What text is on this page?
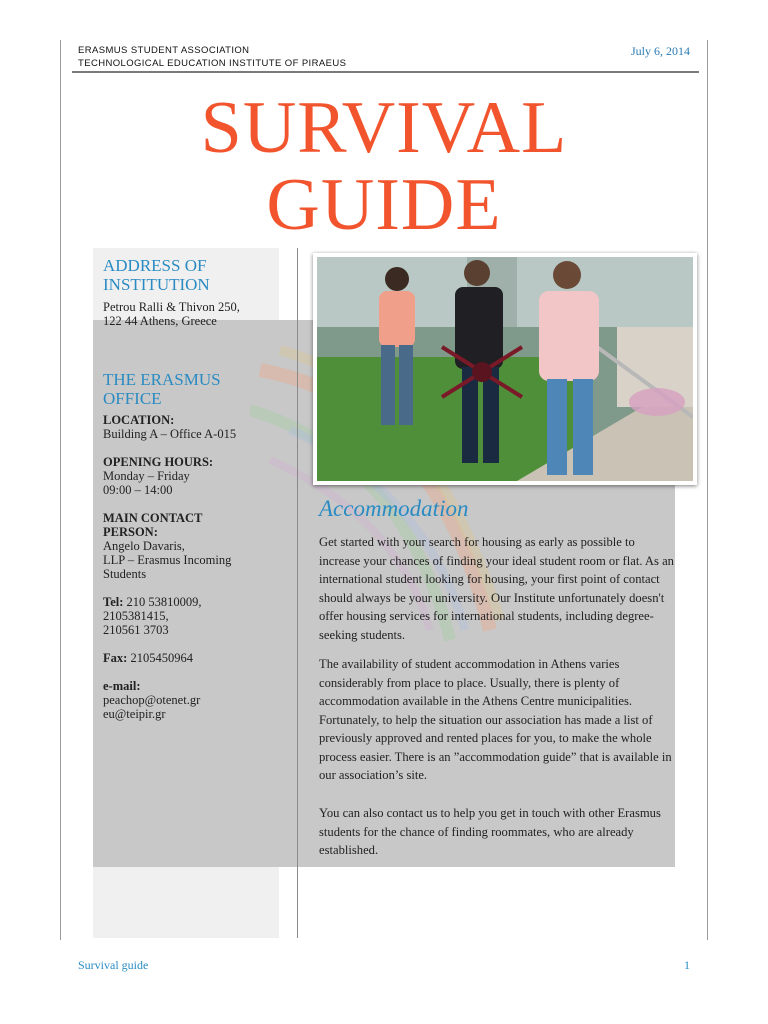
ERASMUS STUDENT ASSOCIATION
TECHNOLOGICAL EDUCATION INSTITUTE OF PIRAEUS
July 6, 2014
SURVIVAL
GUIDE
ADDRESS OF
INSTITUTION
Petrou Ralli & Thivon 250,
122 44 Athens, Greece
THE ERASMUS
OFFICE
LOCATION:
Building A – Office A-015
OPENING HOURS:
Monday – Friday
09:00 – 14:00
MAIN CONTACT
PERSON:
Angelo Davaris,
LLP – Erasmus Incoming
Students
Tel: 210 53810009,
2105381415,
210561 3703
Fax: 2105450964
e-mail:
peachop@otenet.gr
eu@teipir.gr
Accommodation

Get started with your search for housing as early as possible to increase your chances of finding your ideal student room or flat. As an international student looking for housing, your first point of contact should always be your university. Our Institute unfortunately doesn't offer housing services for international students, including degree-seeking students.

The availability of student accommodation in Athens varies considerably from place to place. Usually, there is plenty of accommodation available in the Athens Centre municipalities. Fortunately, to help the situation our association has made a list of previously approved and rented places for you, to make the whole process easier. There is an ”accommodation guide” that is available in our association’s site.

You can also contact us to help you get in touch with other Erasmus students for the chance of finding roommates, who are already established.

Survival guide	1
